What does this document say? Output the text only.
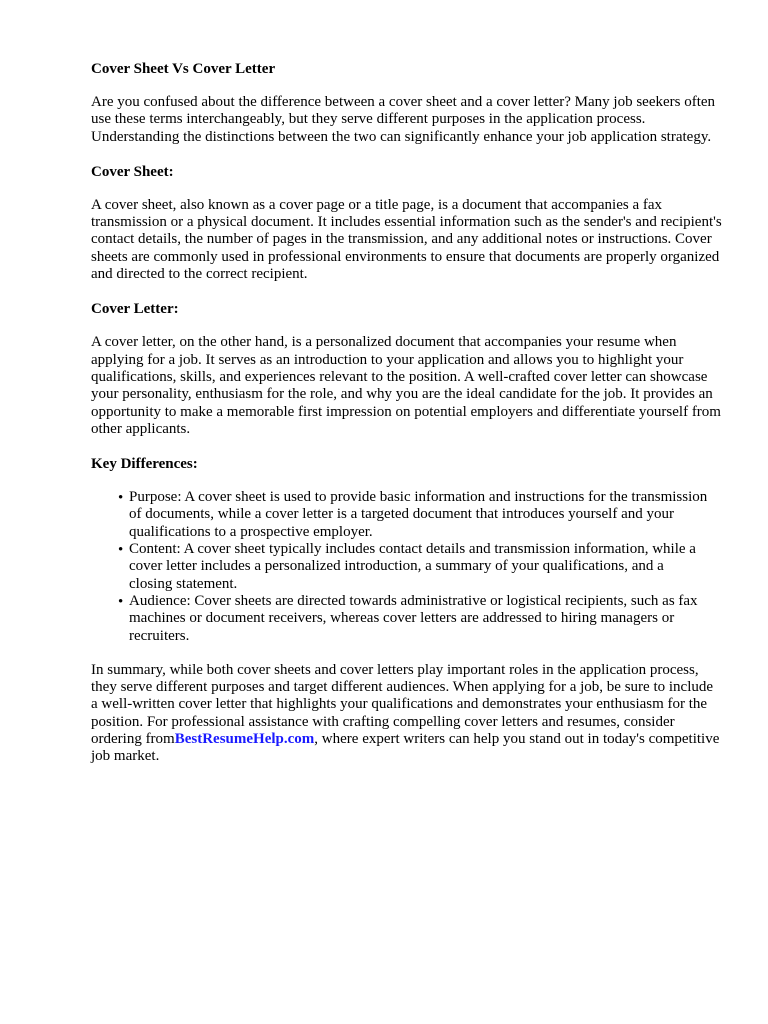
Cover Sheet Vs Cover Letter

Are you confused about the difference between a cover sheet and a cover letter? Many job seekers often use these terms interchangeably, but they serve different purposes in the application process. Understanding the distinctions between the two can significantly enhance your job application strategy.

Cover Sheet:

A cover sheet, also known as a cover page or a title page, is a document that accompanies a fax transmission or a physical document. It includes essential information such as the sender's and recipient's contact details, the number of pages in the transmission, and any additional notes or instructions. Cover sheets are commonly used in professional environments to ensure that documents are properly organized and directed to the correct recipient.

Cover Letter:

A cover letter, on the other hand, is a personalized document that accompanies your resume when applying for a job. It serves as an introduction to your application and allows you to highlight your qualifications, skills, and experiences relevant to the position. A well-crafted cover letter can showcase your personality, enthusiasm for the role, and why you are the ideal candidate for the job. It provides an opportunity to make a memorable first impression on potential employers and differentiate yourself from other applicants.

Key Differences:
• Purpose: A cover sheet is used to provide basic information and instructions for the transmission of documents, while a cover letter is a targeted document that introduces yourself and your qualifications to a prospective employer.
• Content: A cover sheet typically includes contact details and transmission information, while a cover letter includes a personalized introduction, a summary of your qualifications, and a closing statement.
• Audience: Cover sheets are directed towards administrative or logistical recipients, such as fax machines or document receivers, whereas cover letters are addressed to hiring managers or recruiters.

In summary, while both cover sheets and cover letters play important roles in the application process, they serve different purposes and target different audiences. When applying for a job, be sure to include a well-written cover letter that highlights your qualifications and demonstrates your enthusiasm for the position. For professional assistance with crafting compelling cover letters and resumes, consider ordering fromBestResumeHelp.com, where expert writers can help you stand out in today's competitive job market.
